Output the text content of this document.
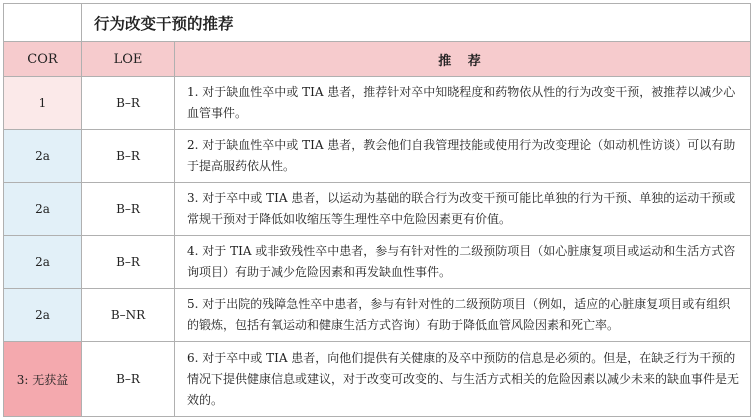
	行为改变干预的推荐	
COR	LOE	推 荐
1	B–R	1. 对于缺血性卒中或 TIA 患者，推荐针对卒中知晓程度和药物依从性的行为改变干预，被推荐以减少心血管事件。
2a	B–R	2. 对于缺血性卒中或 TIA 患者，教会他们自我管理技能或使用行为改变理论（如动机性访谈）可以有助于提高服药依从性。
2a	B–R	3. 对于卒中或 TIA 患者，以运动为基础的联合行为改变干预可能比单独的行为干预、单独的运动干预或常规干预对于降低如收缩压等生理性卒中危险因素更有价值。
2a	B–R	4. 对于 TIA 或非致残性卒中患者，参与有针对性的二级预防项目（如心脏康复项目或运动和生活方式咨询项目）有助于减少危险因素和再发缺血性事件。
2a	B–NR	5. 对于出院的残障急性卒中患者，参与有针对性的二级预防项目（例如，适应的心脏康复项目或有组织的锻炼，包括有氧运动和健康生活方式咨询）有助于降低血管风险因素和死亡率。
3: 无获益	B–R	6. 对于卒中或 TIA 患者，向他们提供有关健康的及卒中预防的信息是必须的。但是，在缺乏行为干预的情况下提供健康信息或建议，对于改变可改变的、与生活方式相关的危险因素以减少未来的缺血事件是无效的。
